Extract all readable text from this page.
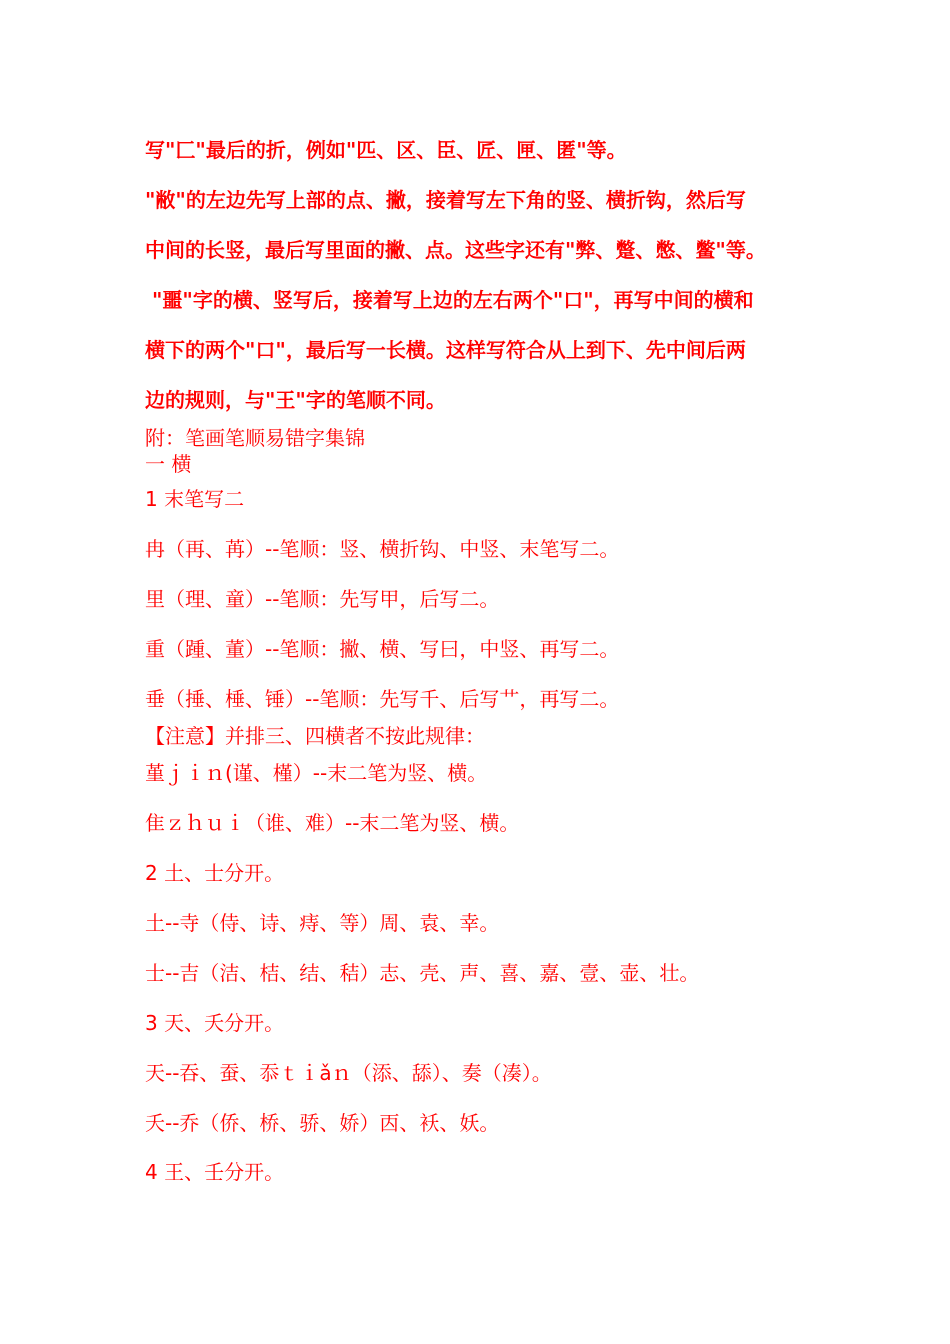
写"匚"最后的折，例如"匹、区、臣、匠、匣、匿"等。
"敝"的左边先写上部的点、撇，接着写左下角的竖、横折钩，然后写
中间的长竖，最后写里面的撇、点。这些字还有"弊、蹩、憋、鳖"等。
"噩"字的横、竖写后，接着写上边的左右两个"口"，再写中间的横和
横下的两个"口"，最后写一长横。这样写符合从上到下、先中间后两
边的规则，与"王"字的笔顺不同。
附：笔画笔顺易错字集锦
一 横
1 末笔写二
冉（再、苒）--笔顺：竖、横折钩、中竖、末笔写二。
里（理、童）--笔顺：先写甲，后写二。
重（踵、董）--笔顺：撇、横、写曰，中竖、再写二。
垂（捶、棰、锤）--笔顺：先写千、后写艹，再写二。
【注意】并排三、四横者不按此规律：
堇ｊｉｎ(谨、槿）--末二笔为竖、横。
隹ｚｈｕｉ（谁、难）--末二笔为竖、横。
2 土、士分开。
土--寺（侍、诗、痔、等）周、袁、幸。
士--吉（洁、桔、结、秸）志、壳、声、喜、嘉、壹、壶、壮。
3 天、夭分开。
天--吞、蚕、忝ｔｉǎｎ（添、舔）、奏（凑）。
夭--乔（侨、桥、骄、娇）㐁、袄、妖。
4 王、壬分开。
